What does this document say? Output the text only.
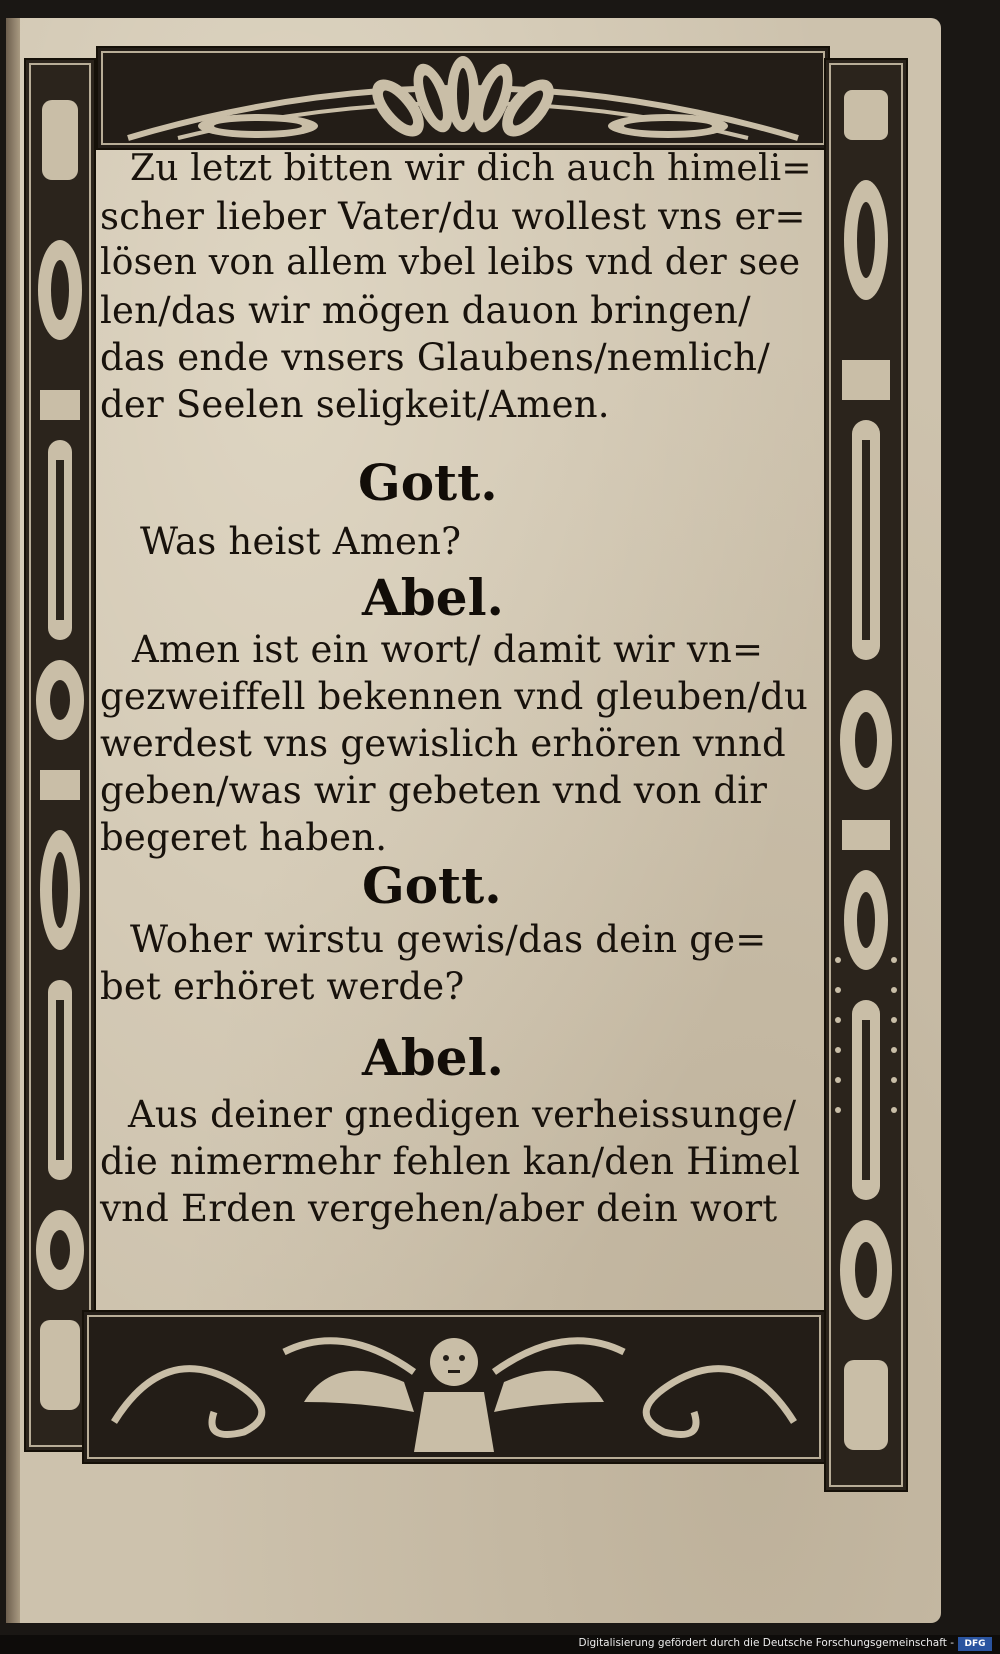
Zu letzt bitten wir dich auch himeli=
scher lieber Vater/du wollest vns er=
lösen von allem vbel leibs vnd der see
len/das wir mögen dauon bringen/
das ende vnsers Glaubens/nemlich/
der Seelen seligkeit/Amen.
Gott.
Was heist Amen?
Abel.
Amen ist ein wort/ damit wir vn=
gezweiffell bekennen vnd gleuben/du
werdest vns gewislich erhören vnnd
geben/was wir gebeten vnd von dir
begeret haben.
Gott.
Woher wirstu gewis/das dein ge=
bet erhöret werde?
Abel.
Aus deiner gnedigen verheissunge/
die nimermehr fehlen kan/den Himel
vnd Erden vergehen/aber dein wort
Digitalisierung gefördert durch die Deutsche Forschungsgemeinschaft -	DFG
